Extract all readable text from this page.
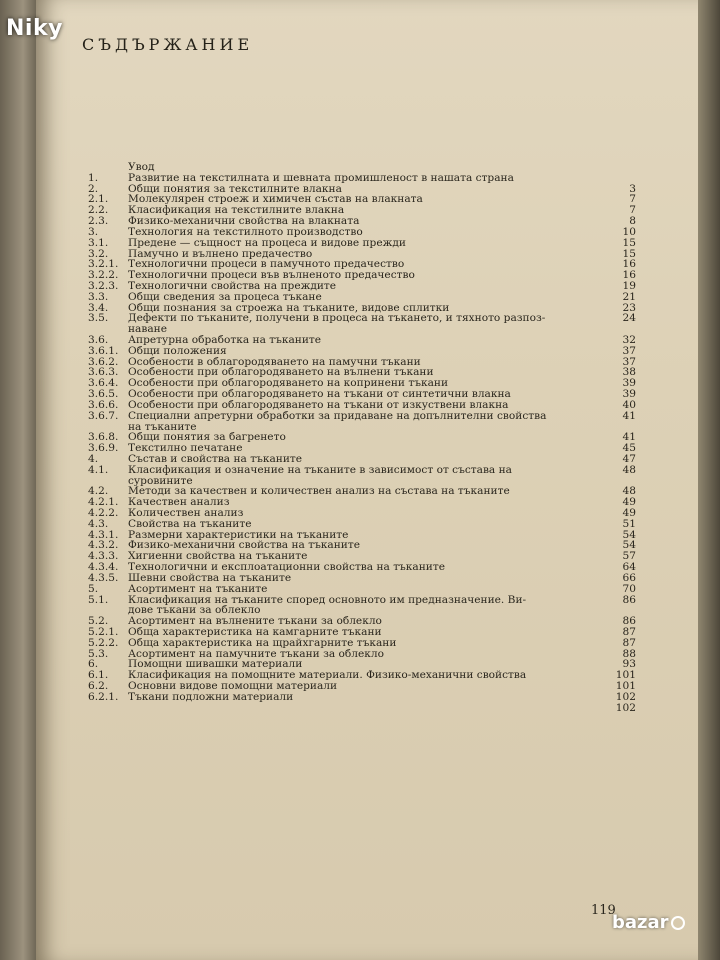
Niky
СЪДЪРЖАНИЕ
Увод
1.	Развитие на текстилната и шевната промишленост в нашата страна
2.	Общи понятия за текстилните влакна	3
2.1.	Молекулярен строеж и химичен състав на влакната	7
2.2.	Класификация на текстилните влакна	7
2.3.	Физико-механични свойства на влакната	8
3.	Технология на текстилното производство	10
3.1.	Предене — същност на процеса и видове прежди	15
3.2.	Памучно и вълнено предачество	15
3.2.1. Технологични процеси в памучното предачество	16
3.2.2. Технологични процеси във вълненото предачество	16
3.2.3. Технологични свойства на преждите	19
3.3.	Общи сведения за процеса тъкане	21
3.4.	Общи познания за строежа на тъканите, видове сплитки	23
3.5.	Дефекти по тъканите, получени в процеса на тъкането, и тяхното разпоз-	24
наване
3.6.	Апретурна обработка на тъканите	32
3.6.1. Общи положения	37
3.6.2. Особености в облагородяването на памучни тъкани	37
3.6.3. Особености при облагородяването на вълнени тъкани	38
3.6.4. Особености при облагородяването на копринени тъкани	39
3.6.5. Особености при облагородяването на тъкани от синтетични влакна	39
3.6.6. Особености при облагородяването на тъкани от изкуствени влакна	40
3.6.7. Специални апретурни обработки за придаване на допълнителни свойства	41
на тъканите
3.6.8. Общи понятия за багренето	41
3.6.9. Текстилно печатане	45
4.	Състав и свойства на тъканите	47
4.1.	Класификация и означение на тъканите в зависимост от състава на	48
суровините
4.2.	Методи за качествен и количествен анализ на състава на тъканите	48
4.2.1. Качествен анализ	49
4.2.2. Количествен анализ	49
4.3.	Свойства на тъканите	51
4.3.1. Размерни характеристики на тъканите	54
4.3.2. Физико-механични свойства на тъканите	54
4.3.3. Хигиенни свойства на тъканите	57
4.3.4. Технологични и експлоатационни свойства на тъканите	64
4.3.5. Шевни свойства на тъканите	66
5.	Асортимент на тъканите	70
5.1.	Класификация на тъканите според основното им предназначение. Ви-	86
дове тъкани за облекло
5.2.	Асортимент на вълнените тъкани за облекло	86
5.2.1. Обща характеристика на камгарните тъкани	87
5.2.2. Обща характеристика на щрайхгарните тъкани	87
5.3.	Асортимент на памучните тъкани за облекло	88
6.	Помощни шивашки материали	93
6.1.	Класификация на помощните материали. Физико-механични свойства	101
6.2.	Основни видове помощни материали	101
6.2.1. Тъкани подложни материали	102
102
119
bazar
